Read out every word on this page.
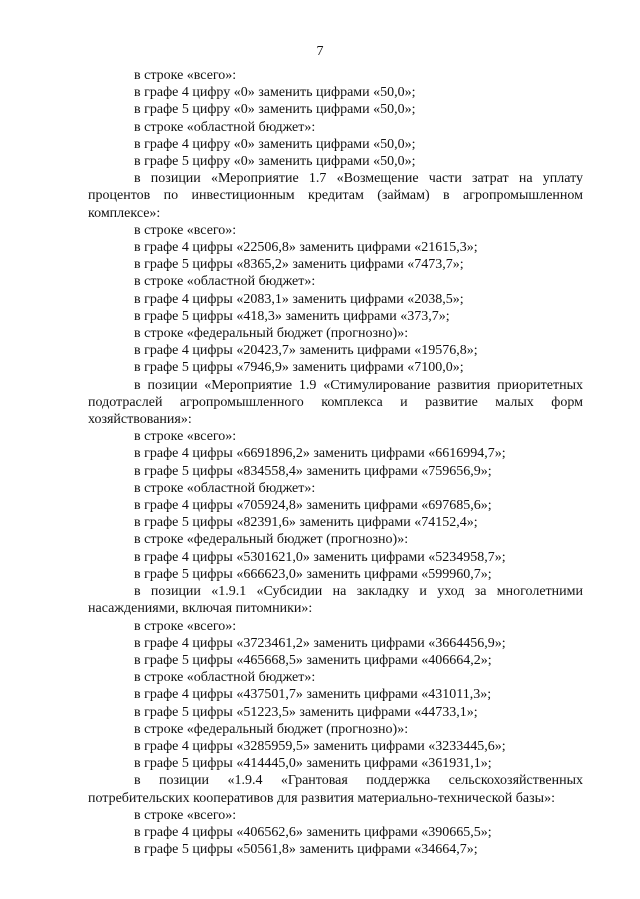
7
в строке «всего»:
в графе 4 цифру «0» заменить цифрами «50,0»;
в графе 5 цифру «0» заменить цифрами «50,0»;
в строке «областной бюджет»:
в графе 4 цифру «0» заменить цифрами «50,0»;
в графе 5 цифру «0» заменить цифрами «50,0»;
в позиции «Мероприятие 1.7 «Возмещение части затрат на уплату
процентов по инвестиционным кредитам (займам) в агропромышленном
комплексе»:
в строке «всего»:
в графе 4 цифры «22506,8» заменить цифрами «21615,3»;
в графе 5 цифры «8365,2» заменить цифрами «7473,7»;
в строке «областной бюджет»:
в графе 4 цифры «2083,1» заменить цифрами «2038,5»;
в графе 5 цифры «418,3» заменить цифрами «373,7»;
в строке «федеральный бюджет (прогнозно)»:
в графе 4 цифры «20423,7» заменить цифрами «19576,8»;
в графе 5 цифры «7946,9» заменить цифрами «7100,0»;
в позиции «Мероприятие 1.9 «Стимулирование развития приоритетных
подотраслей агропромышленного комплекса и развитие малых форм
хозяйствования»:
в строке «всего»:
в графе 4 цифры «6691896,2» заменить цифрами «6616994,7»;
в графе 5 цифры «834558,4» заменить цифрами «759656,9»;
в строке «областной бюджет»:
в графе 4 цифры «705924,8» заменить цифрами «697685,6»;
в графе 5 цифры «82391,6» заменить цифрами «74152,4»;
в строке «федеральный бюджет (прогнозно)»:
в графе 4 цифры «5301621,0» заменить цифрами «5234958,7»;
в графе 5 цифры «666623,0» заменить цифрами «599960,7»;
в позиции «1.9.1 «Субсидии на закладку и уход за многолетними
насаждениями, включая питомники»:
в строке «всего»:
в графе 4 цифры «3723461,2» заменить цифрами «3664456,9»;
в графе 5 цифры «465668,5» заменить цифрами «406664,2»;
в строке «областной бюджет»:
в графе 4 цифры «437501,7» заменить цифрами «431011,3»;
в графе 5 цифры «51223,5» заменить цифрами «44733,1»;
в строке «федеральный бюджет (прогнозно)»:
в графе 4 цифры «3285959,5» заменить цифрами «3233445,6»;
в графе 5 цифры «414445,0» заменить цифрами «361931,1»;
в позиции «1.9.4 «Грантовая поддержка сельскохозяйственных
потребительских кооперативов для развития материально-технической базы»:
в строке «всего»:
в графе 4 цифры «406562,6» заменить цифрами «390665,5»;
в графе 5 цифры «50561,8» заменить цифрами «34664,7»;
